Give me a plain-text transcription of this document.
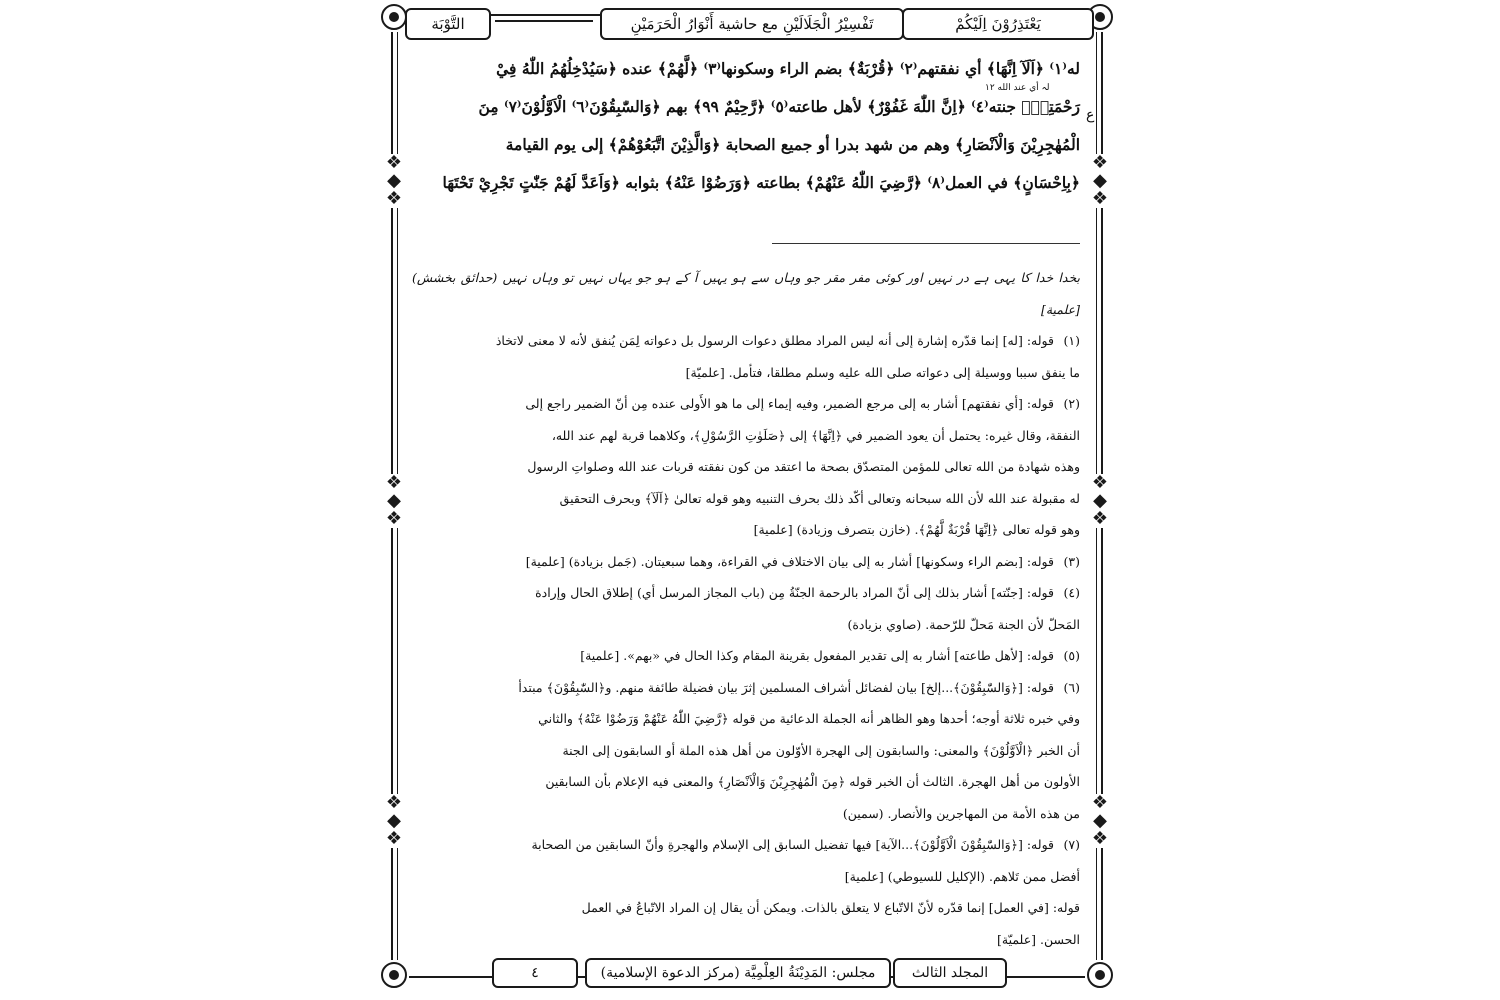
❖
◆
❖
❖
◆
❖
❖
◆
❖
❖
◆
❖
❖
◆
❖
❖
◆
❖
يَعْتَذِرُوْنَ اِلَيْكُمْ
تَفْسِيْرُ الْجَلَالَيْنِ مع حاشية أَنْوَارُ الْحَرَمَيْنِ
التَّوْبَة
ع
لہ أي عند الله ١٢

له⁽١⁾ ﴿اَلَآ اِنَّهَا﴾ أي نفقتهم⁽٢⁾ ﴿قُرْبَةٌ﴾ بضم الراء وسكونها⁽٣⁾ ﴿لَّهُمْ﴾ عنده ﴿سَيُدْخِلُهُمُ اللّٰهُ فِيْ

رَحْمَتِهٖ﴾ جنته⁽٤⁾ ﴿اِنَّ اللّٰهَ غَفُوْرٌ﴾ لأهل طاعته⁽٥⁾ ﴿رَّحِيْمٌ ۹۹﴾ بهم ﴿وَالسّٰبِقُوْنَ⁽٦⁾ الْاَوَّلُوْنَ⁽٧⁾ مِنَ

الْمُهٰجِرِيْنَ وَالْاَنْصَارِ﴾ وهم من شهد بدرا أو جميع الصحابة ﴿وَالَّذِيْنَ اتَّبَعُوْهُمْ﴾ إلى يوم القيامة

﴿بِاِحْسَانٍ﴾ في العمل⁽٨⁾ ﴿رَّضِيَ اللّٰهُ عَنْهُمْ﴾ بطاعته ﴿وَرَضُوْا عَنْهُ﴾ بثوابه ﴿وَاَعَدَّ لَهُمْ جَنّٰتٍ تَجْرِيْ تَحْتَهَا

بخدا خدا کا یہی ہے در نہیں اور کوئی مفر مقر جو وہاں سے ہو یہیں آ کے ہو جو یہاں نہیں تو وہاں نہیں (حدائق بخشش) [علمية]

(١)قوله: [له] إنما قدّره إشارة إلى أنه ليس المراد مطلق دعوات الرسول بل دعواته لِمَن يُنفق لأنه لا معنى لاتخاذ

ما ينفق سببا ووسيلة إلى دعواته صلى الله عليه وسلم مطلقا، فتأمل. [علميّة]

(٢)قوله: [أي نفقتهم] أشار به إلى مرجع الضمير، وفيه إيماء إلى ما هو الأَولى عنده مِن أنّ الضمير راجع إلى

النفقة، وقال غيره: يحتمل أن يعود الضمير في ﴿اِنَّهَا﴾ إلى ﴿صَلَوٰتِ الرَّسُوْلِ﴾، وكلاهما قربة لهم عند الله،

وهذه شهادة من الله تعالى للمؤمن المتصدّق بصحة ما اعتقد من كون نفقته قربات عند الله وصلواتِ الرسول

له مقبولة عند الله لأن الله سبحانه وتعالى أكّد ذلك بحرف التنبيه وهو قوله تعالىٰ ﴿اَلَآ﴾ وبحرف التحقيق

وهو قوله تعالى ﴿اِنَّهَا قُرْبَةٌ لَّهُمْ﴾. (خازن بتصرف وزيادة) [علمية]

(٣)قوله: [بضم الراء وسكونها] أشار به إلى بيان الاختلاف في القراءة، وهما سبعيتان. (جَمل بزيادة) [علمية]

(٤)قوله: [جنّته] أشار بذلك إلى أنّ المراد بالرحمة الجنّةُ مِن (باب المجاز المرسل أي) إطلاق الحال وإرادة

المَحلّ لأن الجنة مَحلّ للرّحمة. (صاوي بزيادة)

(٥)قوله: [لأهل طاعته] أشار به إلى تقدير المفعول بقرينة المقام وكذا الحال في «بهم». [علمية]

(٦)قوله: [﴿وَالسّٰبِقُوْنَ﴾...إلخ] بيان لفضائل أشراف المسلمين إثرَ بيان فضيلة طائفة منهم. و﴿السّٰبِقُوْنَ﴾ مبتدأ

وفي خبره ثلاثة أوجه؛ أحدها وهو الظاهر أنه الجملة الدعائية من قوله ﴿رَّضِيَ اللّٰهُ عَنْهُمْ وَرَضُوْا عَنْهُ﴾ والثاني

أن الخبر ﴿الْاَوَّلُوْنَ﴾ والمعنى: والسابقون إلى الهجرة الأوّلون من أهل هذه الملة أو السابقون إلى الجنة

الأولون من أهل الهجرة. الثالث أن الخبر قوله ﴿مِنَ الْمُهٰجِرِيْنَ وَالْاَنْصَارِ﴾ والمعنى فيه الإعلام بأن السابقين

من هذه الأمة من المهاجرين والأنصار. (سمين)

(٧)قوله: [﴿وَالسّٰبِقُوْنَ الْاَوَّلُوْنَ﴾...الآية] فيها تفضيل السابق إلى الإسلام والهجرةِ وأنّ السابقين من الصحابة

أفضل ممن تَلاهم. (الإكليل للسيوطي) [علمية]

قوله: [في العمل] إنما قدّره لأنّ الاتّباع لا يتعلق بالذات. ويمكن أن يقال إن المراد الاتّباعُ في العمل

الحسن. [علميّة]

المجلد الثالث
مجلس: المَدِيْنَةُ العِلْمِيَّة (مركز الدعوة الإسلامية)
٤
